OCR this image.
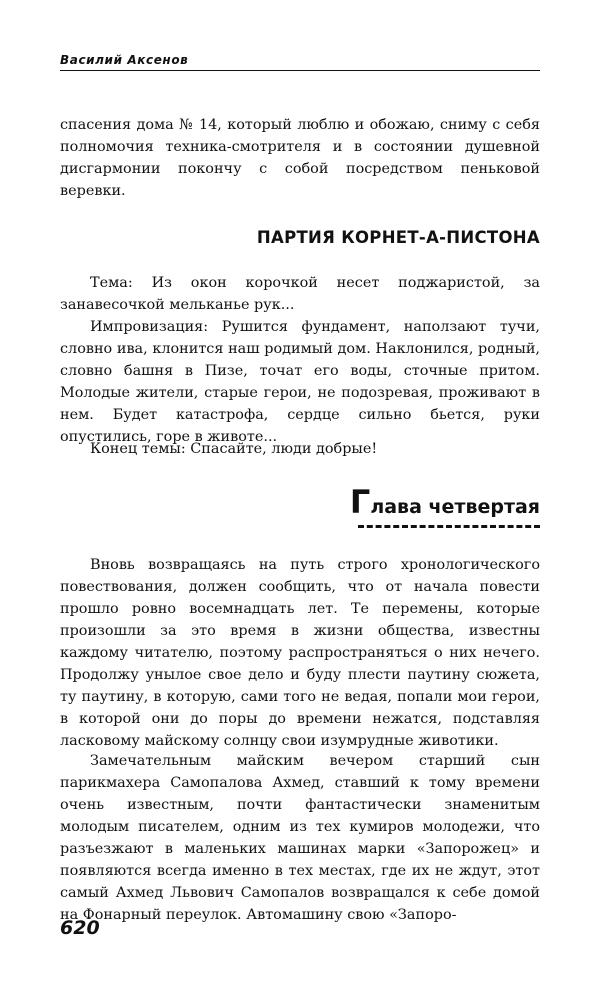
Василий Аксенов

спасения дома № 14, который люблю и обожаю, сниму с себя полномочия техника-смотрителя и в состоянии душевной дисгармонии покончу с собой посредством пеньковой веревки.

ПАРТИЯ КОРНЕТ-А-ПИСТОНА

Тема: Из окон корочкой несет поджаристой, за занавесочкой мельканье рук...

Импровизация: Рушится фундамент, наползают тучи, словно ива, клонится наш родимый дом. Наклонился, родный, словно башня в Пизе, точат его воды, сточные притом. Молодые жители, старые герои, не подозревая, проживают в нем. Будет катастрофа, сердце сильно бьется, руки опустились, горе в животе...

Конец темы: Спасайте, люди добрые!

Глава четвертая

Вновь возвращаясь на путь строго хронологического повествования, должен сообщить, что от начала повести прошло ровно восемнадцать лет. Те перемены, которые произошли за это время в жизни общества, известны каждому читателю, поэтому распространяться о них нечего. Продолжу унылое свое дело и буду плести паутину сюжета, ту паутину, в которую, сами того не ведая, попали мои герои, в которой они до поры до времени нежатся, подставляя ласковому майскому солнцу свои изумрудные животики.

Замечательным майским вечером старший сын парикмахера Самопалова Ахмед, ставший к тому времени очень известным, почти фантастически знаменитым молодым писателем, одним из тех кумиров молодежи, что разъезжают в маленьких машинах марки «Запорожец» и появляются всегда именно в тех местах, где их не ждут, этот самый Ахмед Львович Самопалов возвращался к себе домой на Фонарный переулок. Автомашину свою «Запоро-

620
